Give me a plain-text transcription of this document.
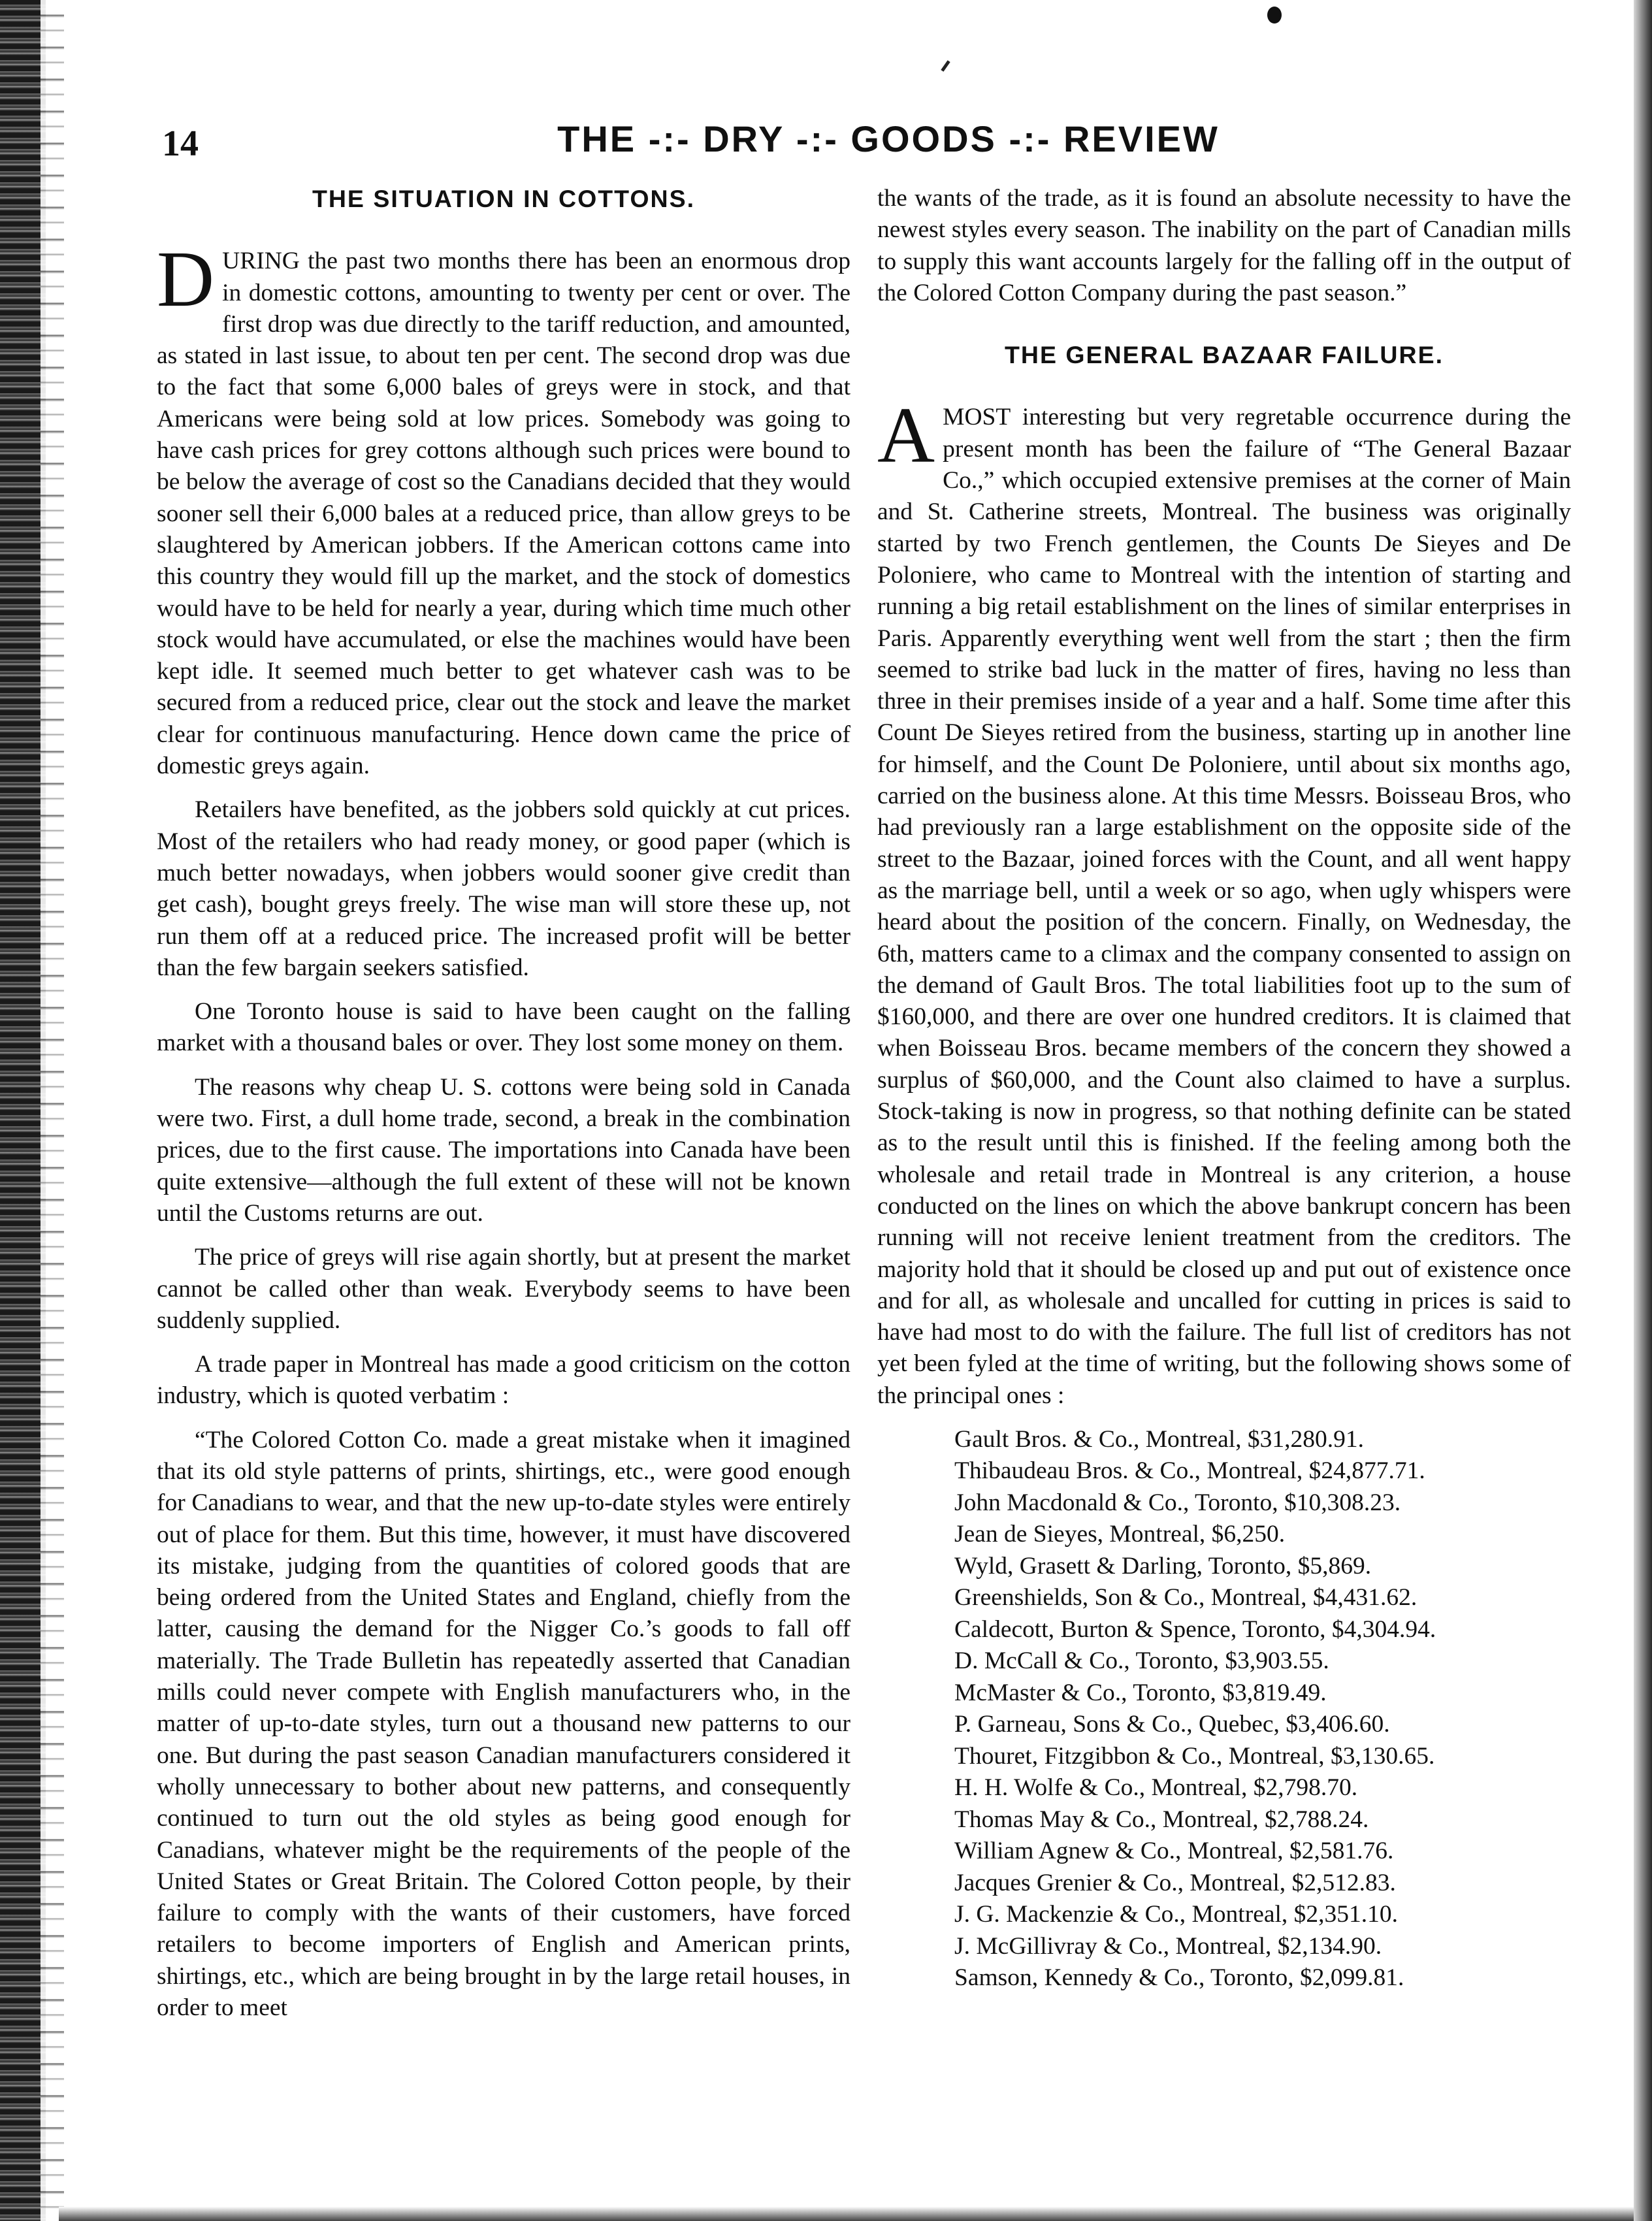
14	THE -:- DRY -:- GOODS -:- REVIEW
THE SITUATION IN COTTONS.

DURING the past two months there has been an enormous drop in domestic cottons, amounting to twenty per cent or over. The first drop was due directly to the tariff reduction, and amounted, as stated in last issue, to about ten per cent. The second drop was due to the fact that some 6,000 bales of greys were in stock, and that Americans were being sold at low prices. Somebody was going to have cash prices for grey cottons although such prices were bound to be below the average of cost so the Canadians decided that they would sooner sell their 6,000 bales at a reduced price, than allow greys to be slaughtered by American jobbers. If the American cottons came into this country they would fill up the market, and the stock of domestics would have to be held for nearly a year, during which time much other stock would have accumulated, or else the machines would have been kept idle. It seemed much better to get whatever cash was to be secured from a reduced price, clear out the stock and leave the market clear for continuous manufacturing. Hence down came the price of domestic greys again.

Retailers have benefited, as the jobbers sold quickly at cut prices. Most of the retailers who had ready money, or good paper (which is much better nowadays, when jobbers would sooner give credit than get cash), bought greys freely. The wise man will store these up, not run them off at a reduced price. The increased profit will be better than the few bargain seekers satisfied.

One Toronto house is said to have been caught on the falling market with a thousand bales or over. They lost some money on them.

The reasons why cheap U. S. cottons were being sold in Canada were two. First, a dull home trade, second, a break in the combination prices, due to the first cause. The importations into Canada have been quite extensive—although the full extent of these will not be known until the Customs returns are out.

The price of greys will rise again shortly, but at present the market cannot be called other than weak. Everybody seems to have been suddenly supplied.

A trade paper in Montreal has made a good criticism on the cotton industry, which is quoted verbatim :

“The Colored Cotton Co. made a great mistake when it imagined that its old style patterns of prints, shirtings, etc., were good enough for Canadians to wear, and that the new up-to-date styles were entirely out of place for them. But this time, however, it must have discovered its mistake, judging from the quantities of colored goods that are being ordered from the United States and England, chiefly from the latter, causing the demand for the Nigger Co.’s goods to fall off materially. The Trade Bulletin has repeatedly asserted that Canadian mills could never compete with English manufacturers who, in the matter of up-to-date styles, turn out a thousand new patterns to our one. But during the past season Canadian manufacturers considered it wholly unnecessary to bother about new patterns, and consequently continued to turn out the old styles as being good enough for Canadians, whatever might be the requirements of the people of the United States or Great Britain. The Colored Cotton people, by their failure to comply with the wants of their customers, have forced retailers to become importers of English and American prints, shirtings, etc., which are being brought in by the large retail houses, in order to meet

the wants of the trade, as it is found an absolute necessity to have the newest styles every season. The inability on the part of Canadian mills to supply this want accounts largely for the falling off in the output of the Colored Cotton Company during the past season.”

THE GENERAL BAZAAR FAILURE.

AMOST interesting but very regretable occurrence during the present month has been the failure of “The General Bazaar Co.,” which occupied extensive premises at the corner of Main and St. Catherine streets, Montreal. The business was originally started by two French gentlemen, the Counts De Sieyes and De Poloniere, who came to Montreal with the intention of starting and running a big retail establishment on the lines of similar enterprises in Paris. Apparently everything went well from the start ; then the firm seemed to strike bad luck in the matter of fires, having no less than three in their premises inside of a year and a half. Some time after this Count De Sieyes retired from the business, starting up in another line for himself, and the Count De Poloniere, until about six months ago, carried on the business alone. At this time Messrs. Boisseau Bros, who had previously ran a large establishment on the opposite side of the street to the Bazaar, joined forces with the Count, and all went happy as the marriage bell, until a week or so ago, when ugly whispers were heard about the position of the concern. Finally, on Wednesday, the 6th, matters came to a climax and the company consented to assign on the demand of Gault Bros. The total liabilities foot up to the sum of $160,000, and there are over one hundred creditors. It is claimed that when Boisseau Bros. became members of the concern they showed a surplus of $60,000, and the Count also claimed to have a surplus. Stock-taking is now in progress, so that nothing definite can be stated as to the result until this is finished. If the feeling among both the wholesale and retail trade in Montreal is any criterion, a house conducted on the lines on which the above bankrupt concern has been running will not receive lenient treatment from the creditors. The majority hold that it should be closed up and put out of existence once and for all, as wholesale and uncalled for cutting in prices is said to have had most to do with the failure. The full list of creditors has not yet been fyled at the time of writing, but the following shows some of the principal ones :

Gault Bros. & Co., Montreal, $31,280.91.
Thibaudeau Bros. & Co., Montreal, $24,877.71.
John Macdonald & Co., Toronto, $10,308.23.
Jean de Sieyes, Montreal, $6,250.
Wyld, Grasett & Darling, Toronto, $5,869.
Greenshields, Son & Co., Montreal, $4,431.62.
Caldecott, Burton & Spence, Toronto, $4,304.94.
D. McCall & Co., Toronto, $3,903.55.
McMaster & Co., Toronto, $3,819.49.
P. Garneau, Sons & Co., Quebec, $3,406.60.
Thouret, Fitzgibbon & Co., Montreal, $3,130.65.
H. H. Wolfe & Co., Montreal, $2,798.70.
Thomas May & Co., Montreal, $2,788.24.
William Agnew & Co., Montreal, $2,581.76.
Jacques Grenier & Co., Montreal, $2,512.83.
J. G. Mackenzie & Co., Montreal, $2,351.10.
J. McGillivray & Co., Montreal, $2,134.90.
Samson, Kennedy & Co., Toronto, $2,099.81.
